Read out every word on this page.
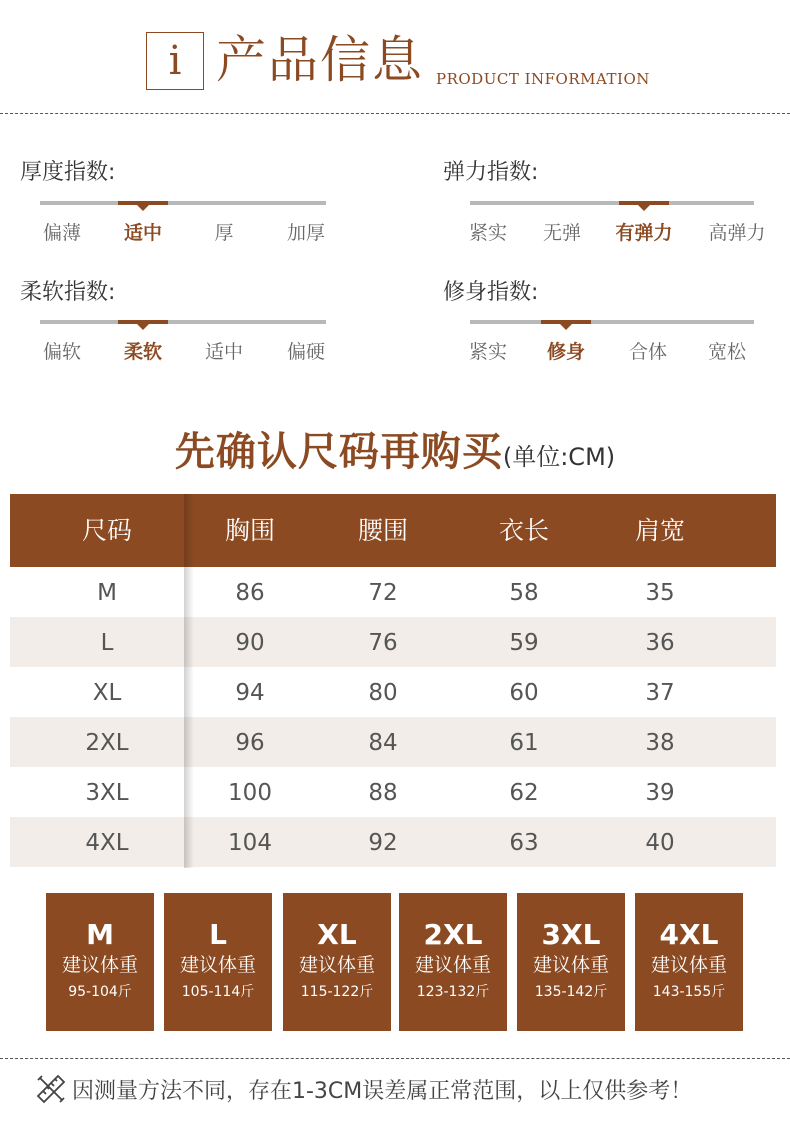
i 产品信息 PRODUCT INFORMATION
厚度指数:
偏薄 适中	厚	加厚
弹力指数:
紧实 无弹 有弹力 高弹力
柔软指数:
偏软 柔软 适中 偏硬
修身指数:
紧实 修身 合体 宽松
先确认尺码再购买(单位:CM)
尺码	胸围	腰围	衣长	肩宽
M	86	72	58	35
L	90	76	59	36
XL	94	80	60	37
2XL	96	84	61	38
3XL	100	88	62	39
4XL	104	92	63	40
M
建议体重
95-104斤
L
建议体重
105-114斤
XL
建议体重
115-122斤
2XL
建议体重
123-132斤
3XL
建议体重
135-142斤
4XL
建议体重
143-155斤
因测量方法不同，存在1-3CM误差属正常范围，以上仅供参考！
